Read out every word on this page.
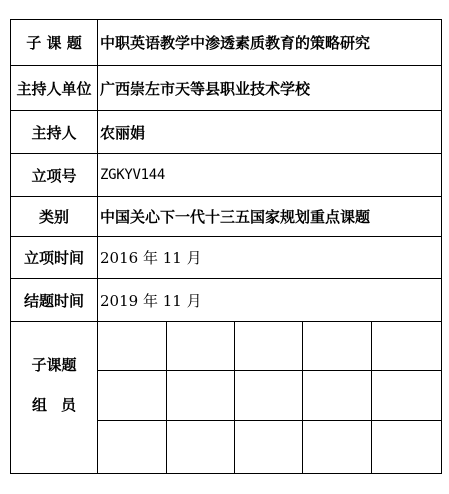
子 课 题	中职英语教学中渗透素质教育的策略研究
主持人单位 广西崇左市天等县职业技术学校
主持人	农丽娟
立项号	ZGKYV144
类别	中国关心下一代十三五国家规划重点课题
立项时间	2016 年 11 月
结题时间	2019 年 11 月
子课题
组员
